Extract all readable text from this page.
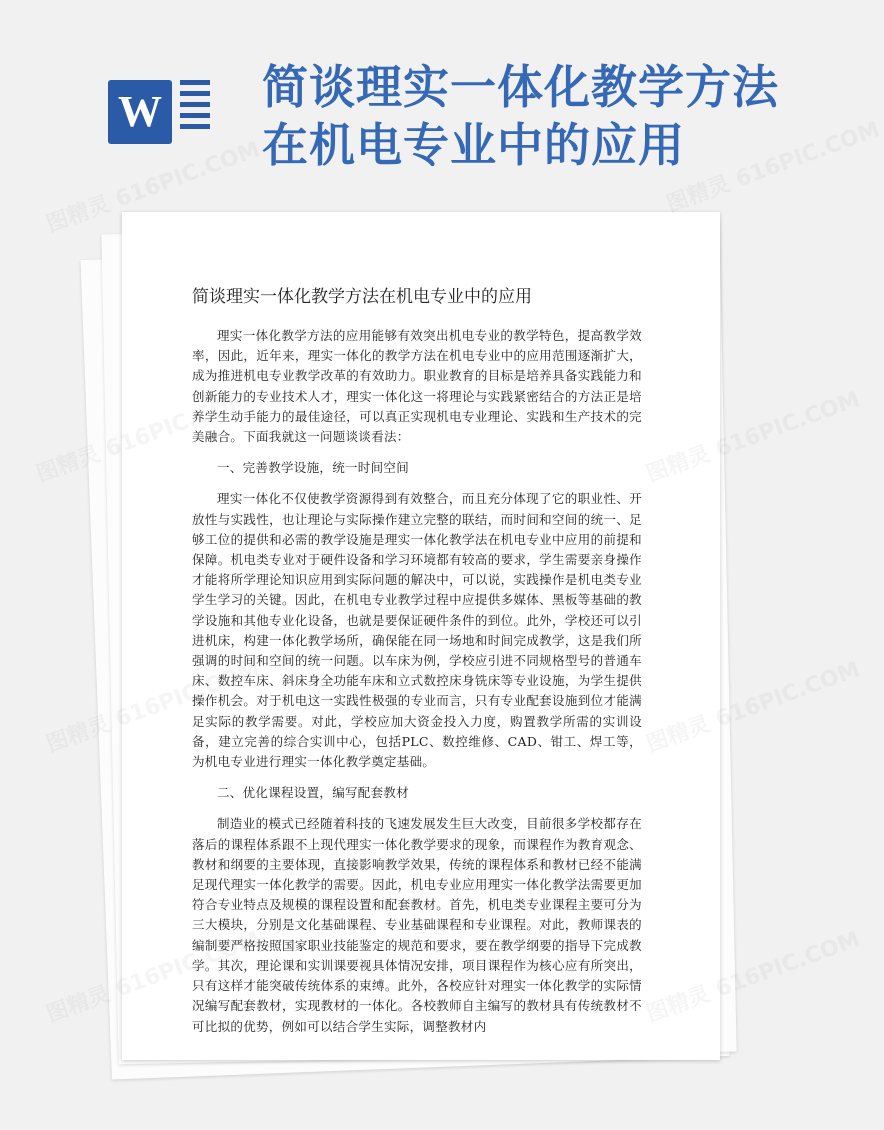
W 简谈理实一体化教学方法在机电专业中的应用
简谈理实一体化教学方法在机电专业中的应用

理实一体化教学方法的应用能够有效突出机电专业的教学特色，提高教学效率，因此，近年来，理实一体化的教学方法在机电专业中的应用范围逐渐扩大，成为推进机电专业教学改革的有效助力。职业教育的目标是培养具备实践能力和创新能力的专业技术人才，理实一体化这一将理论与实践紧密结合的方法正是培养学生动手能力的最佳途径，可以真正实现机电专业理论、实践和生产技术的完美融合。下面我就这一问题谈谈看法：

一、完善教学设施，统一时间空间

理实一体化不仅使教学资源得到有效整合，而且充分体现了它的职业性、开放性与实践性，也让理论与实际操作建立完整的联结，而时间和空间的统一、足够工位的提供和必需的教学设施是理实一体化教学法在机电专业中应用的前提和保障。机电类专业对于硬件设备和学习环境都有较高的要求，学生需要亲身操作才能将所学理论知识应用到实际问题的解决中，可以说，实践操作是机电类专业学生学习的关键。因此，在机电专业教学过程中应提供多媒体、黑板等基础的教学设施和其他专业化设备，也就是要保证硬件条件的到位。此外，学校还可以引进机床，构建一体化教学场所，确保能在同一场地和时间完成教学，这是我们所强调的时间和空间的统一问题。以车床为例，学校应引进不同规格型号的普通车床、数控车床、斜床身全功能车床和立式数控床身铣床等专业设施，为学生提供操作机会。对于机电这一实践性极强的专业而言，只有专业配套设施到位才能满足实际的教学需要。对此，学校应加大资金投入力度，购置教学所需的实训设备，建立完善的综合实训中心，包括PLC、数控维修、CAD、钳工、焊工等，为机电专业进行理实一体化教学奠定基础。

二、优化课程设置，编写配套教材

制造业的模式已经随着科技的飞速发展发生巨大改变，目前很多学校都存在落后的课程体系跟不上现代理实一体化教学要求的现象，而课程作为教育观念、教材和纲要的主要体现，直接影响教学效果，传统的课程体系和教材已经不能满足现代理实一体化教学的需要。因此，机电专业应用理实一体化教学法需要更加符合专业特点及规模的课程设置和配套教材。首先，机电类专业课程主要可分为三大模块，分别是文化基础课程、专业基础课程和专业课程。对此，教师课表的编制要严格按照国家职业技能鉴定的规范和要求，要在教学纲要的指导下完成教学。其次，理论课和实训课要视具体情况安排，项目课程作为核心应有所突出，只有这样才能突破传统体系的束缚。此外，各校应针对理实一体化教学的实际情况编写配套教材，实现教材的一体化。各校教师自主编写的教材具有传统教材不可比拟的优势，例如可以结合学生实际，调整教材内

图精灵 616PIC.COM	图精灵 616PIC.COM
图精灵	图精灵 616PIC.COM
图精灵	图精灵 616PIC.COM
图精灵	图精灵 616PIC.COM
